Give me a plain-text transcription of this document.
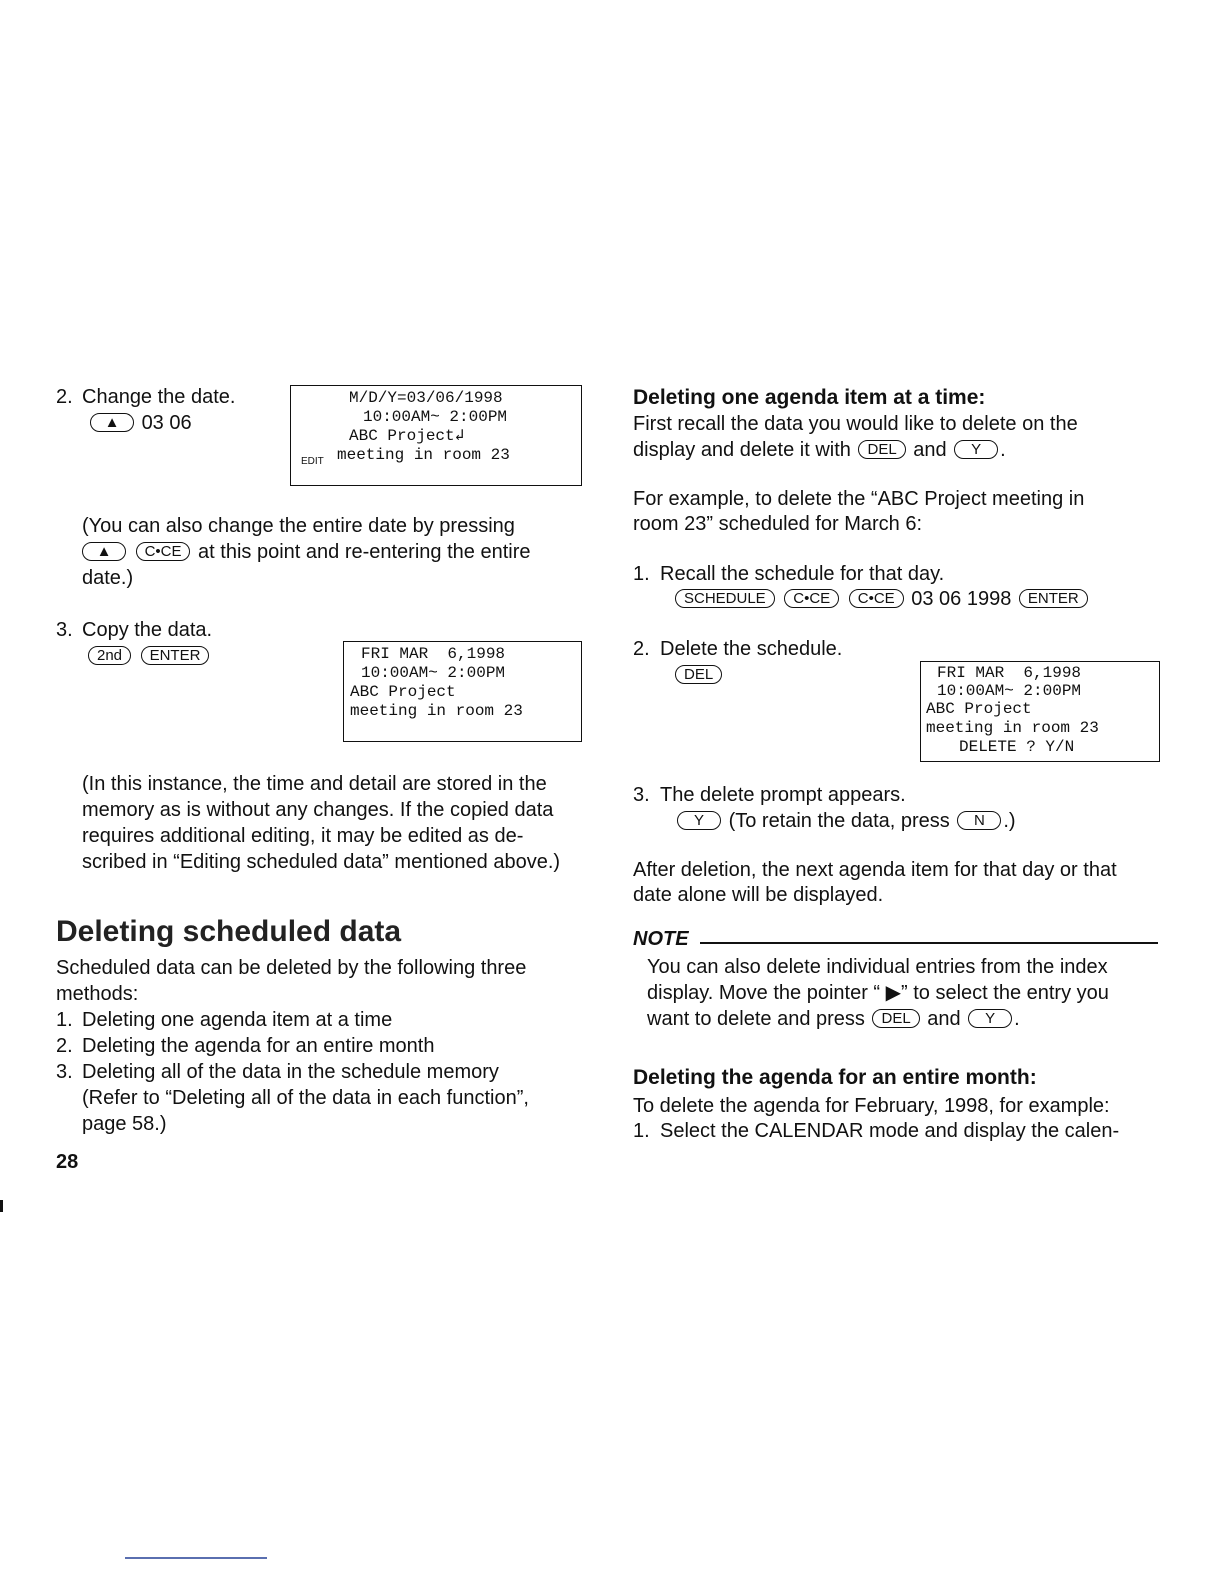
2. Change the date.
▲ 03 06

M/D/Y=03/06/1998

10:00AM~ 2:00PM

ABC Project↲

meeting in room 23

EDIT

(You can also change the entire date by pressing
▲ C•CE at this point and re-entering the entire
date.)
3. Copy the data.
2nd ENTER

	FRI MAR  6,1998

10:00AM~ 2:00PM

ABC Project

meeting in room 23

(In this instance, the time and detail are stored in the
memory as is without any changes. If the copied data
requires additional editing, it may be edited as de-
scribed in “Editing scheduled data” mentioned above.)
Deleting scheduled data
Scheduled data can be deleted by the following three
methods:
1. Deleting one agenda item at a time
2. Deleting the agenda for an entire month
3. Deleting all of the data in the schedule memory
(Refer to “Deleting all of the data in each function”,
page 58.)
28
Deleting one agenda item at a time:
First recall the data you would like to delete on the
display and delete it with DEL and Y .
For example, to delete the “ABC Project meeting in
room 23” scheduled for March 6:
1. Recall the schedule for that day.
SCHEDULE C•CE C•CE 03 06 1998 ENTER
2. Delete the schedule.
DEL

	FRI MAR  6,1998

10:00AM~ 2:00PM

ABC Project

meeting in room 23

DELETE ? Y/N

3. The delete prompt appears.
Y (To retain the data, press N .)
After deletion, the next agenda item for that day or that
date alone will be displayed.
NOTE
You can also delete individual entries from the index
display. Move the pointer “ ▶” to select the entry you
want to delete and press DEL and Y .
Deleting the agenda for an entire month:
To delete the agenda for February, 1998, for example:
1. Select the CALENDAR mode and display the calen-
